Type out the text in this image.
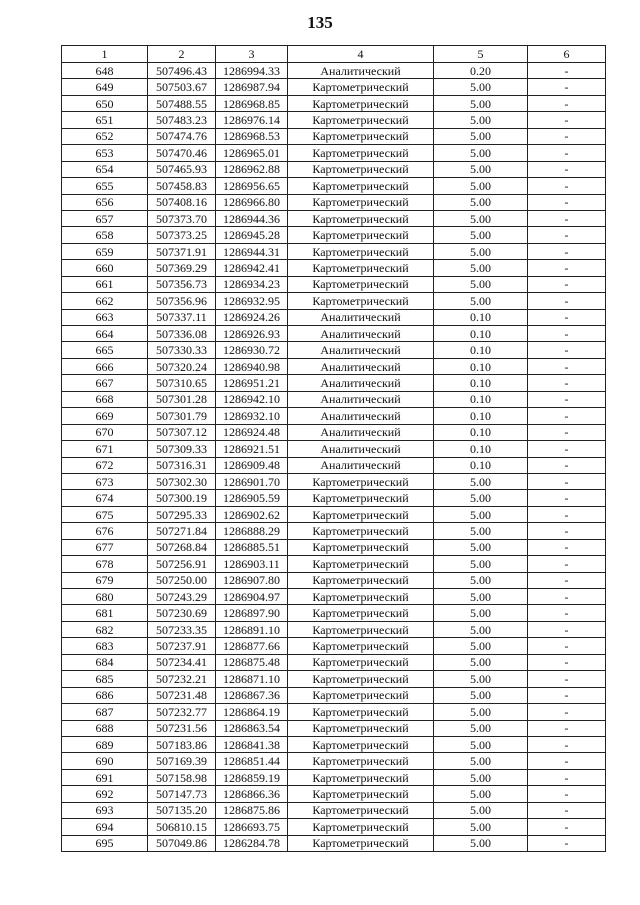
135
1	2	3	4	5	6
648	507496.43	1286994.33	Аналитический	0.20	-
649	507503.67	1286987.94	Картометрический	5.00	-
650	507488.55	1286968.85	Картометрический	5.00	-
651	507483.23	1286976.14	Картометрический	5.00	-
652	507474.76	1286968.53	Картометрический	5.00	-
653	507470.46	1286965.01	Картометрический	5.00	-
654	507465.93	1286962.88	Картометрический	5.00	-
655	507458.83	1286956.65	Картометрический	5.00	-
656	507408.16	1286966.80	Картометрический	5.00	-
657	507373.70	1286944.36	Картометрический	5.00	-
658	507373.25	1286945.28	Картометрический	5.00	-
659	507371.91	1286944.31	Картометрический	5.00	-
660	507369.29	1286942.41	Картометрический	5.00	-
661	507356.73	1286934.23	Картометрический	5.00	-
662	507356.96	1286932.95	Картометрический	5.00	-
663	507337.11	1286924.26	Аналитический	0.10	-
664	507336.08	1286926.93	Аналитический	0.10	-
665	507330.33	1286930.72	Аналитический	0.10	-
666	507320.24	1286940.98	Аналитический	0.10	-
667	507310.65	1286951.21	Аналитический	0.10	-
668	507301.28	1286942.10	Аналитический	0.10	-
669	507301.79	1286932.10	Аналитический	0.10	-
670	507307.12	1286924.48	Аналитический	0.10	-
671	507309.33	1286921.51	Аналитический	0.10	-
672	507316.31	1286909.48	Аналитический	0.10	-
673	507302.30	1286901.70	Картометрический	5.00	-
674	507300.19	1286905.59	Картометрический	5.00	-
675	507295.33	1286902.62	Картометрический	5.00	-
676	507271.84	1286888.29	Картометрический	5.00	-
677	507268.84	1286885.51	Картометрический	5.00	-
678	507256.91	1286903.11	Картометрический	5.00	-
679	507250.00	1286907.80	Картометрический	5.00	-
680	507243.29	1286904.97	Картометрический	5.00	-
681	507230.69	1286897.90	Картометрический	5.00	-
682	507233.35	1286891.10	Картометрический	5.00	-
683	507237.91	1286877.66	Картометрический	5.00	-
684	507234.41	1286875.48	Картометрический	5.00	-
685	507232.21	1286871.10	Картометрический	5.00	-
686	507231.48	1286867.36	Картометрический	5.00	-
687	507232.77	1286864.19	Картометрический	5.00	-
688	507231.56	1286863.54	Картометрический	5.00	-
689	507183.86	1286841.38	Картометрический	5.00	-
690	507169.39	1286851.44	Картометрический	5.00	-
691	507158.98	1286859.19	Картометрический	5.00	-
692	507147.73	1286866.36	Картометрический	5.00	-
693	507135.20	1286875.86	Картометрический	5.00	-
694	506810.15	1286693.75	Картометрический	5.00	-
695	507049.86	1286284.78	Картометрический	5.00	-
